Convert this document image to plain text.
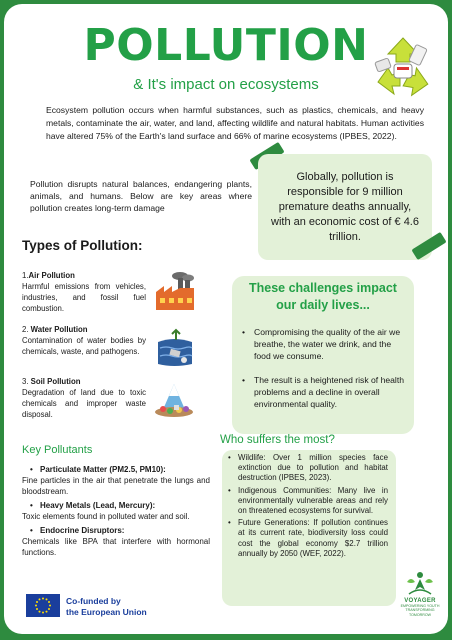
POLLUTION
& It's impact on ecosystems

Ecosystem pollution occurs when harmful substances, such as plastics, chemicals, and heavy metals, contaminate the air, water, and land, affecting wildlife and natural habitats. Human activities have altered 75% of the Earth's land surface and 66% of marine ecosystems (IPBES, 2022).

Globally, pollution is responsible for 9 million premature deaths annually, with an economic cost of € 4.6 trillion.

Pollution disrupts natural balances, endangering plants, animals, and humans. Below are key areas where pollution creates long-term damage

Types of Pollution:
1.Air Pollution
Harmful emissions from vehicles, industries, and fossil fuel combustion.
2. Water Pollution
Contamination of water bodies by chemicals, waste, and pathogens.
3. Soil Pollution
Degradation of land due to toxic chemicals and improper waste disposal.
These challenges impact our daily lives...
• Compromising the quality of the air we breathe, the water we drink, and the food we consume.
• The result is a heightened risk of health problems and a decline in overall environmental quality.
Who suffers the most?
• Wildlife: Over 1 million species face extinction due to pollution and habitat destruction (IPBES, 2023).
• Indigenous Communities: Many live in environmentally vulnerable areas and rely on threatened ecosystems for survival.
• Future Generations: If pollution continues at its current rate, biodiversity loss could cost the global economy $2.7 trillion annually by 2050 (WEF, 2022).
Key Pollutants
• Particulate Matter (PM2.5, PM10):
Fine particles in the air that penetrate the lungs and bloodstream.
• Heavy Metals (Lead, Mercury):
Toxic elements found in polluted water and soil.
• Endocrine Disruptors:
Chemicals like BPA that interfere with hormonal functions.
Co-funded by
the European Union
VOYAGER
EMPOWERING YOUTH TRANSFORMING TOMORROW
